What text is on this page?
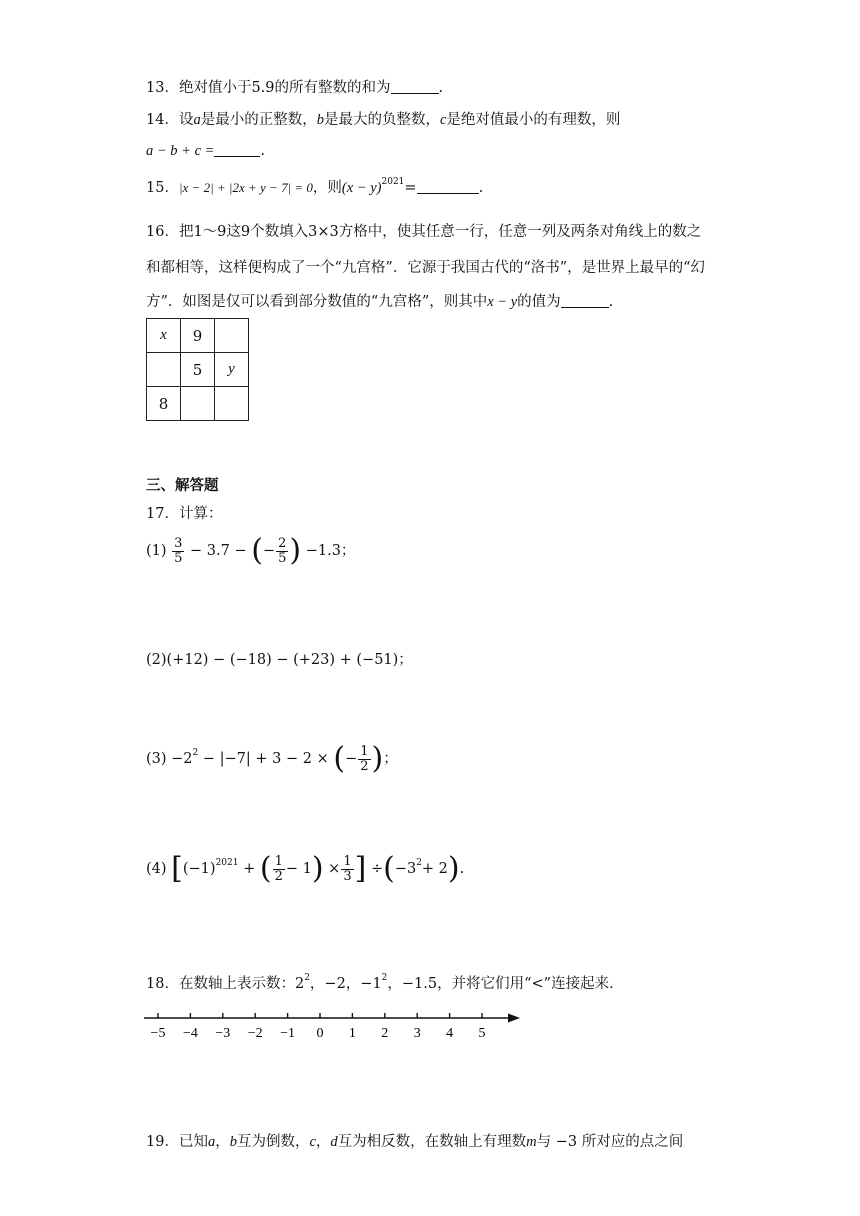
13．绝对值小于5.9的所有整数的和为	.
14．设a是最小的正整数，b是最大的负整数，c是绝对值最小的有理数，则
a − b + c =	.
15．|x − 2| + |2x + y − 7| = 0，则$(x - y)^{2021}=$	.
16．把1～9这9个数填入3×3方格中，使其任意一行，任意一列及两条对角线上的数之
和都相等，这样便构成了一个“九宫格”．它源于我国古代的“洛书”，是世界上最早的“幻
方”．如图是仅可以看到部分数值的“九宫格”，则其中x − y的值为	.
x	9	
	5	y
8		
三、解答题
17．计算：
$(1) \frac{3}{5} - 3.7$ − (− $\frac{2}{5}$ ) −1.3；
(2)(+12) − (−18) − (+23) + (−51)；
$(3) -2^2 - |-7| + 3 - 2$ × (− $\frac{1}{2}$ )；
(4) [$(-1)^{2021}$ + ( $\frac{1}{2} - 1) \times \frac{1}{3}$ ] $\div(-3^2+ 2)$.
18．在数轴上表示数：$2^2$，−2，$-1^2$，−1.5，并将它们用“<”连接起来．
−5 −4 −3 −2 −1 0 1 2 3 4 5
19．已知a，b互为倒数，c，d互为相反数，在数轴上有理数m与 −3 所对应的点之间
